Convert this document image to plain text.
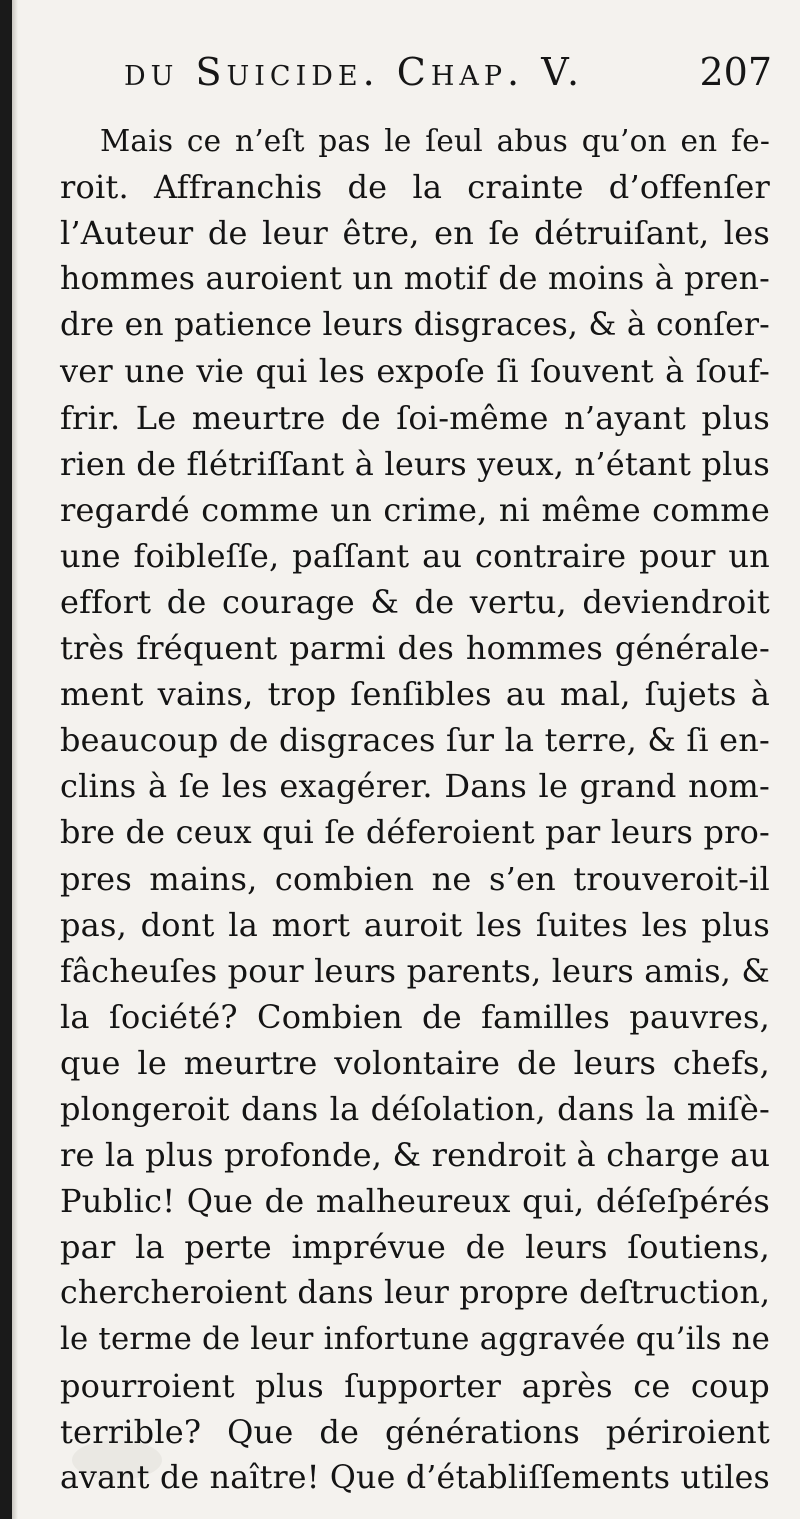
du Suicide. Chap. V.	207
Mais ce n’eſt pas le ſeul abus qu’on en fe-
roit. Affranchis de la crainte d’offenſer
l’Auteur de leur être, en ſe détruiſant, les
hommes auroient un motif de moins à pren-
dre en patience leurs disgraces, & à conſer-
ver une vie qui les expoſe ſi ſouvent à ſouf-
frir. Le meurtre de ſoi-même n’ayant plus
rien de flétriſſant à leurs yeux, n’étant plus
regardé comme un crime, ni même comme
une foibleſſe, paſſant au contraire pour un
effort de courage & de vertu, deviendroit
très fréquent parmi des hommes générale-
ment vains, trop ſenſibles au mal, ſujets à
beaucoup de disgraces ſur la terre, & ſi en-
clins à ſe les exagérer. Dans le grand nom-
bre de ceux qui ſe déferoient par leurs pro-
pres mains, combien ne s’en trouveroit-il
pas, dont la mort auroit les ſuites les plus
fâcheuſes pour leurs parents, leurs amis, &
la ſociété? Combien de familles pauvres,
que le meurtre volontaire de leurs chefs,
plongeroit dans la déſolation, dans la miſè-
re la plus profonde, & rendroit à charge au
Public! Que de malheureux qui, déſeſpérés
par la perte imprévue de leurs ſoutiens,
chercheroient dans leur propre deſtruction,
le terme de leur infortune aggravée qu’ils ne
pourroient plus ſupporter après ce coup
terrible? Que de générations périroient
avant de naître! Que d’établiſſements utiles
